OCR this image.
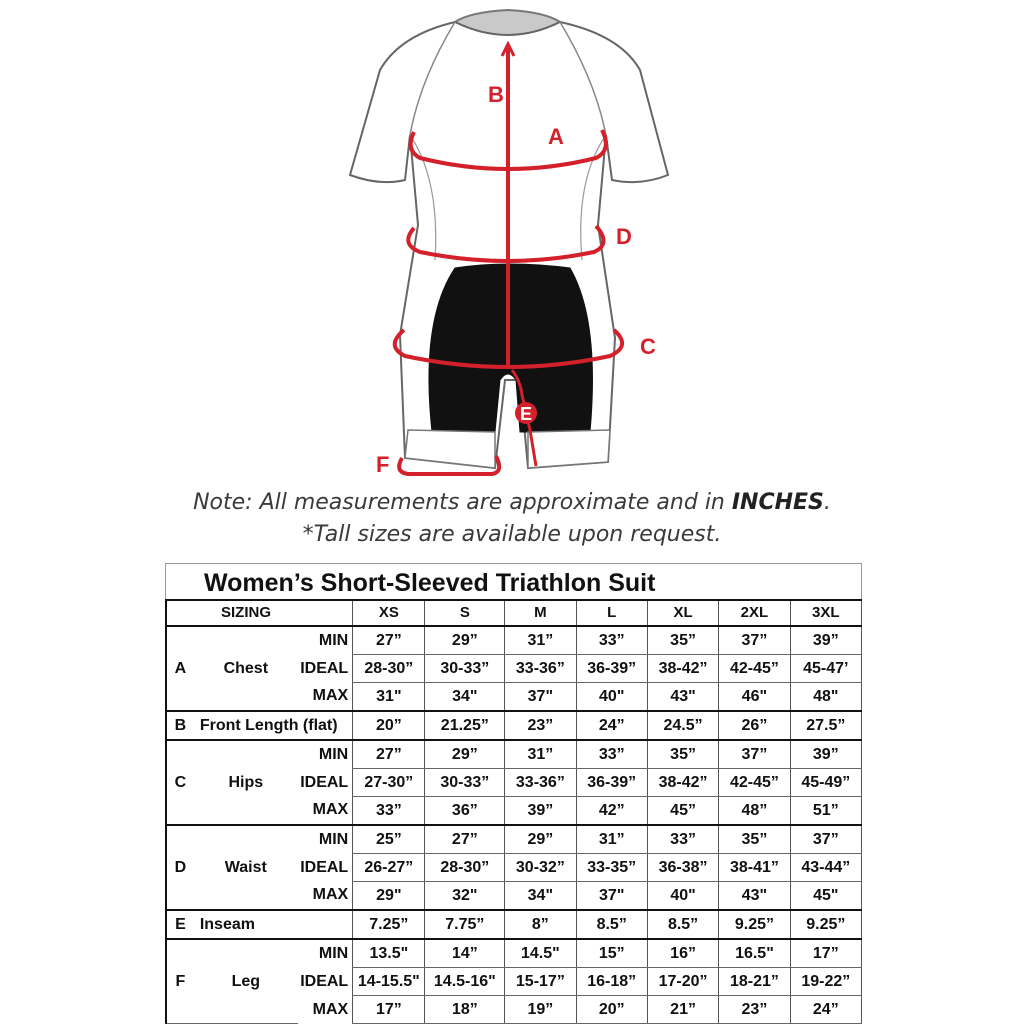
E
B
A
D
C
F
Note: All measurements are approximate and in INCHES.
*Tall sizes are available upon request.
Women’s Short-Sleeved Triathlon Suit
SIZING			XS	S	M	L	XL	2XL	3XL
A	Chest	MIN	27”	29”	31”	33”	35”	37”	39”
		IDEAL	28-30”	30-33”	33-36”	36-39”	38-42”	42-45”	45-47’
		MAX	31"	34"	37"	40"	43"	46"	48"
B	Front Length (flat)		20”	21.25”	23”	24”	24.5”	26”	27.5”
C	Hips	MIN	27”	29”	31”	33”	35”	37”	39”
		IDEAL	27-30”	30-33”	33-36”	36-39”	38-42”	42-45”	45-49”
		MAX	33”	36”	39”	42”	45”	48”	51”
D	Waist	MIN	25”	27”	29”	31”	33”	35”	37”
		IDEAL	26-27”	28-30”	30-32”	33-35”	36-38”	38-41”	43-44”
		MAX	29"	32"	34"	37"	40"	43"	45"
E	Inseam		7.25”	7.75”	8”	8.5”	8.5”	9.25”	9.25”
F	Leg	MIN	13.5"	14”	14.5"	15”	16”	16.5"	17”
		IDEAL	14-15.5"	14.5-16"	15-17”	16-18”	17-20”	18-21”	19-22”
		MAX	17”	18”	19”	20”	21”	23”	24”
